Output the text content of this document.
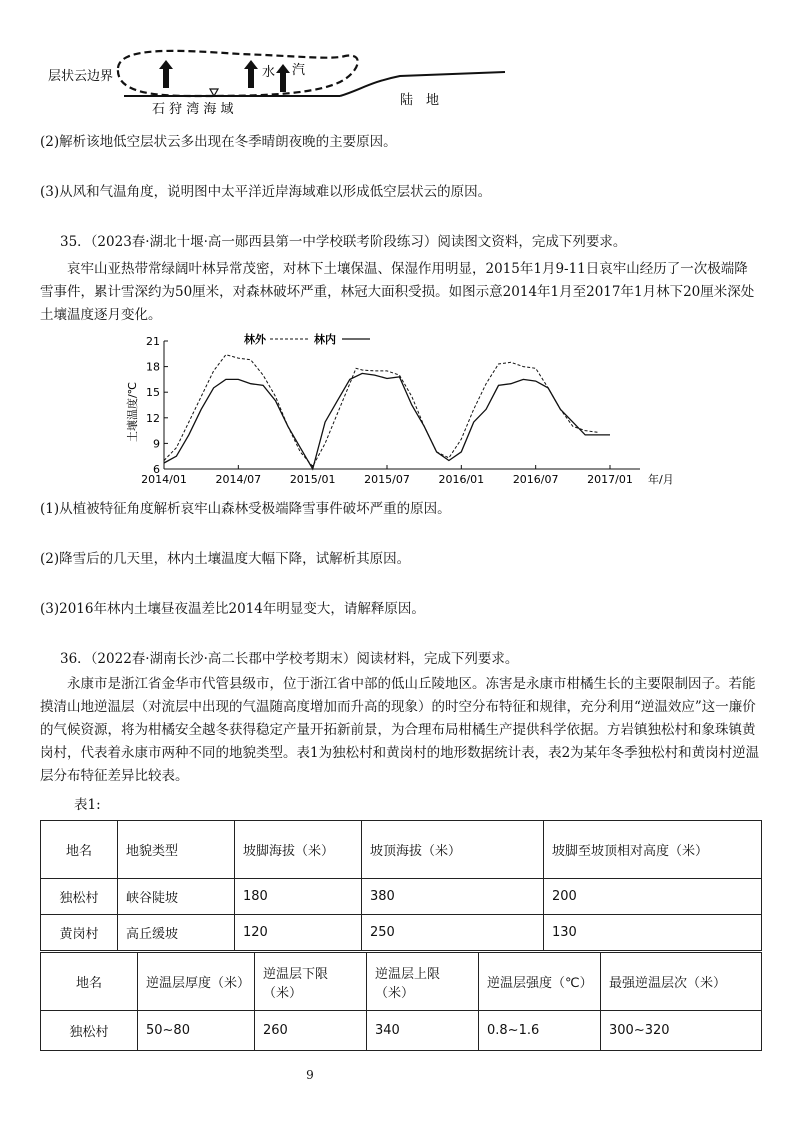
层状云边界	水 汽
石 狩 湾 海 域
陆　地
(2)解析该地低空层状云多出现在冬季晴朗夜晚的主要原因。
(3)从风和气温角度，说明图中太平洋近岸海域难以形成低空层状云的原因。
35．（2023春·湖北十堰·高一郧西县第一中学校联考阶段练习）阅读图文资料，完成下列要求。
哀牢山亚热带常绿阔叶林异常茂密，对林下土壤保温、保湿作用明显，2015年1月9-11日哀牢山经历了一次极端降雪事件，累计雪深约为50厘米，对森林破坏严重，林冠大面积受损。如图示意2014年1月至2017年1月林下20厘米深处土壤温度逐月变化。
土壤温度/℃
林外	林内
6
9
12
15
18
21
2014/01	2014/07	2015/01	2015/07	2016/01	2016/07	2017/01 年/月
(1)从植被特征角度解析哀牢山森林受极端降雪事件破坏严重的原因。
(2)降雪后的几天里，林内土壤温度大幅下降，试解析其原因。
(3)2016年林内土壤昼夜温差比2014年明显变大，请解释原因。
36．（2022春·湖南长沙·高二长郡中学校考期末）阅读材料，完成下列要求。
永康市是浙江省金华市代管县级市，位于浙江省中部的低山丘陵地区。冻害是永康市柑橘生长的主要限制因子。若能摸清山地逆温层（对流层中出现的气温随高度增加而升高的现象）的时空分布特征和规律，充分利用“逆温效应”这一廉价的气候资源，将为柑橘安全越冬获得稳定产量开拓新前景，为合理布局柑橘生产提供科学依据。方岩镇独松村和象珠镇黄岗村，代表着永康市两种不同的地貌类型。表1为独松村和黄岗村的地形数据统计表，表2为某年冬季独松村和黄岗村逆温层分布特征差异比较表。
表1:
地名	地貌类型	坡脚海拔（米）	坡顶海拔（米）	坡脚至坡顶相对高度（米）
独松村	峡谷陡坡	180	380	200
黄岗村	高丘缓坡	120	250	130
地名	逆温层厚度（米）	逆温层下限（米）	逆温层上限（米）	逆温层强度（℃）	最强逆温层次（米）
独松村	50~80	260	340	0.8~1.6	300~320
9
